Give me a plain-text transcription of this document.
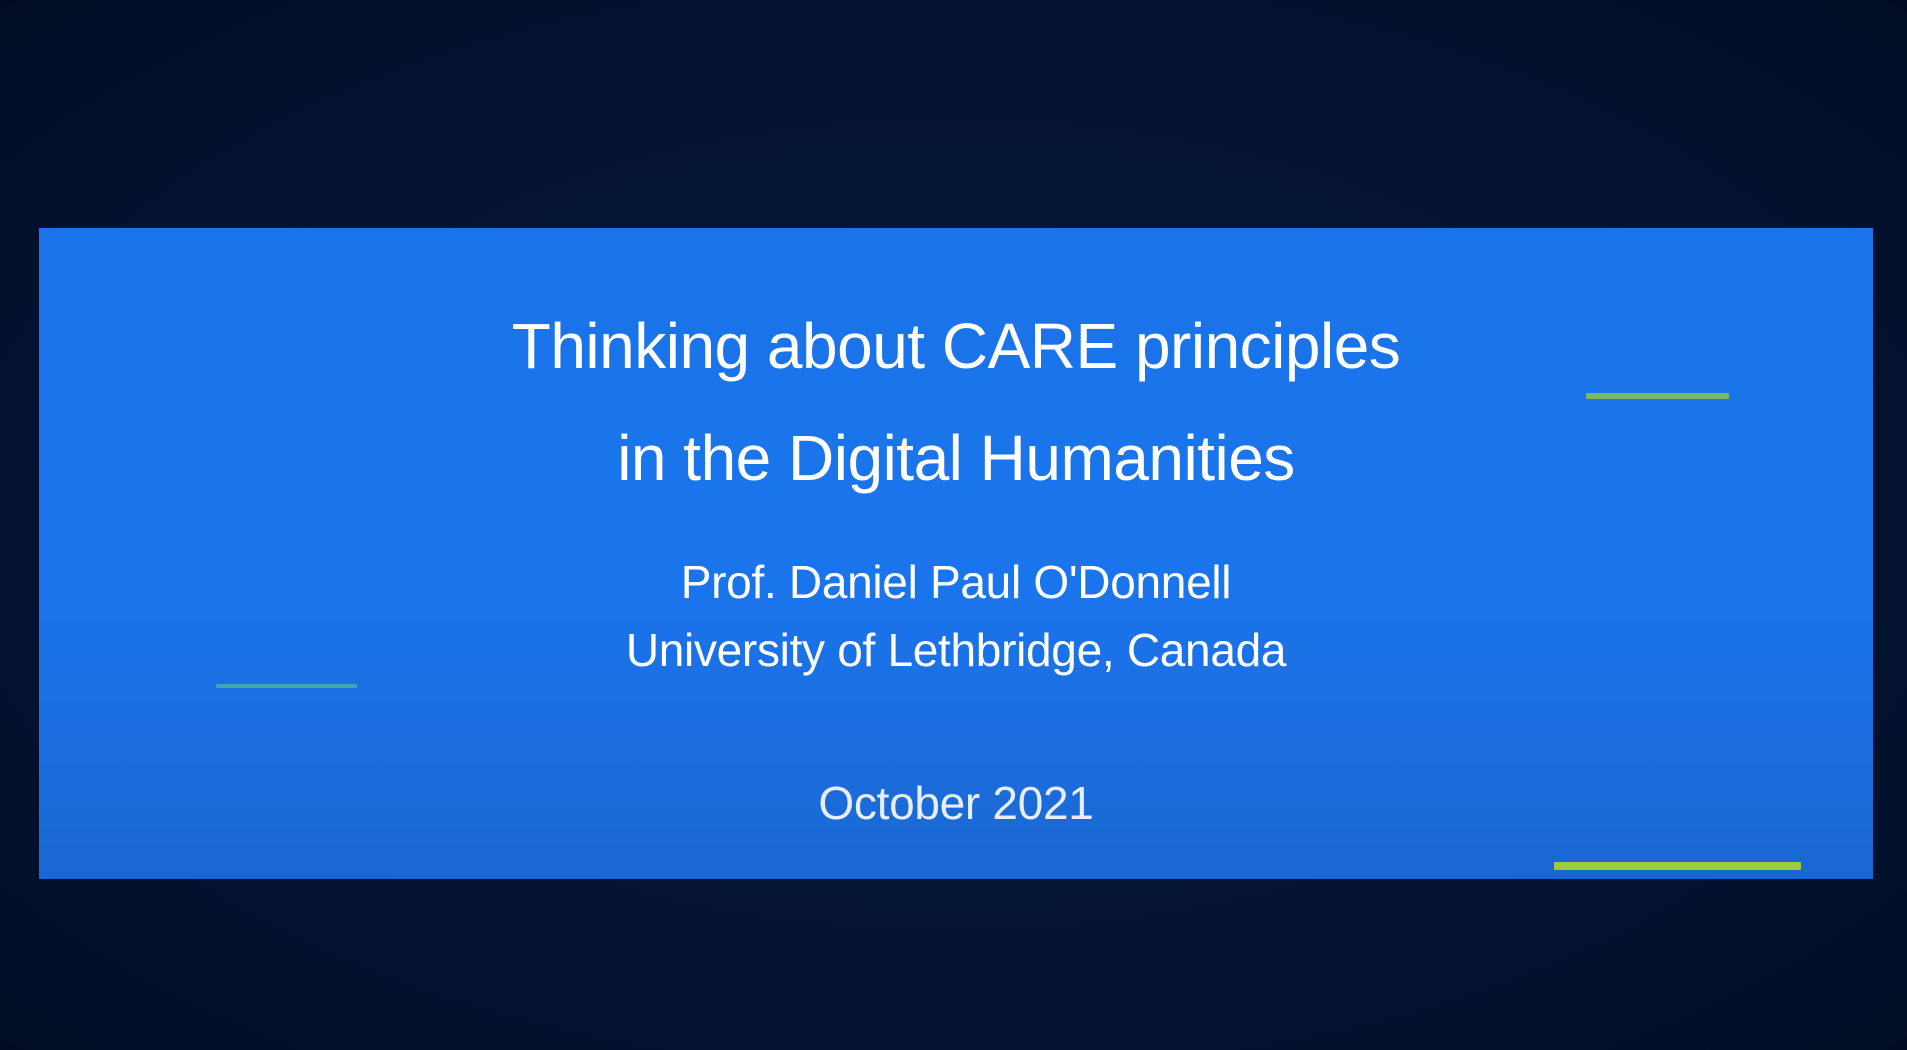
Thinking about CARE principles
in the Digital Humanities
Prof. Daniel Paul O'Donnell
University of Lethbridge, Canada
October 2021
